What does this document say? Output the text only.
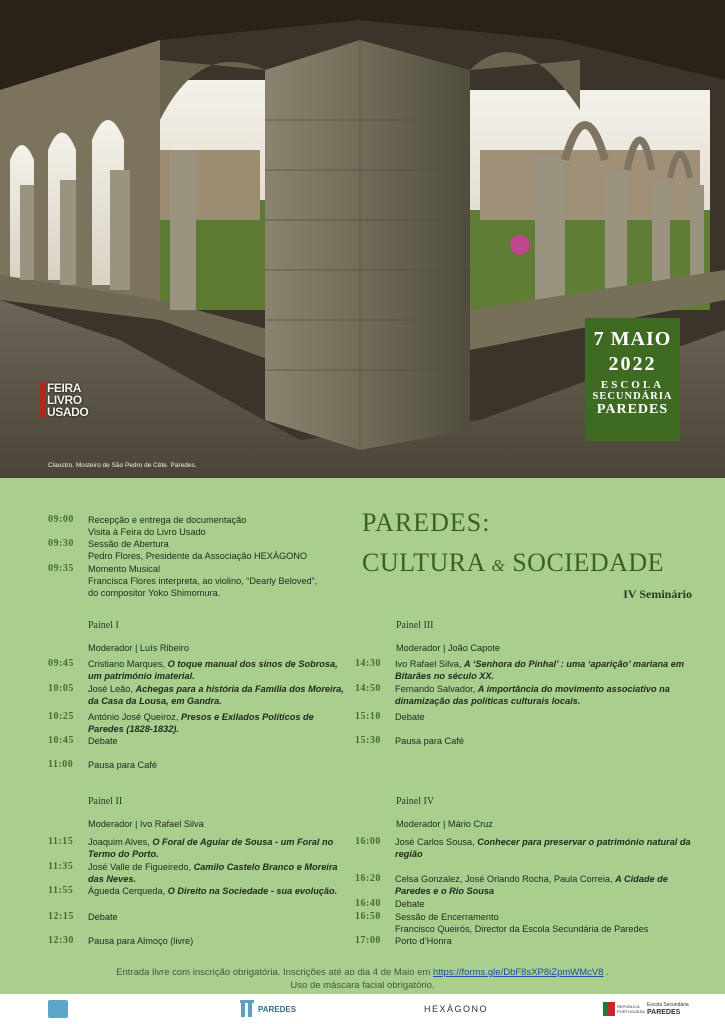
FEIRA
LIVRO
USADO
7 MAIO
2022
ESCOLA
SECUNDÁRIA
PAREDES
Claustro. Mosteiro de São Pedro de Cête. Paredes.
PAREDES:
CULTURA & SOCIEDADE
IV Seminário
09:00	Recepção e entrega de documentação
Visita à Feira do Livro Usado
09:30	Sessão de Abertura
Pedro Flores, Presidente da Associação HEXÁGONO
09:35	Momento Musical
Francisca Flores interpreta, ao violino, “Dearly Beloved”,
do compositor Yoko Shimomura.
Painel I
Moderador | Luís Ribeiro
09:45	Cristiano Marques, O toque manual dos sinos de Sobrosa, um património imaterial.
10:05	José Leão, Achegas para a história da Família dos Moreira, da Casa da Lousa, em Gandra.
10:25	António José Queiroz, Presos e Exilados Políticos de Paredes (1828-1832).
10:45	Debate
11:00	Pausa para Café
Painel II
Moderador | Ivo Rafael Silva
11:15	Joaquim Alves, O Foral de Aguiar de Sousa - um Foral no Termo do Porto.
11:35	José Valle de Figueiredo, Camilo Castelo Branco e Moreira das Neves.
11:55	Águeda Cerqueda, O Direito na Sociedade - sua evolução.
12:15	Debate
12:30	Pausa para Almoço (livre)
Painel III
Moderador | João Capote
14:30	Ivo Rafael Silva, A ‘Senhora do Pinhal’ : uma ‘aparição’ mariana em Bitarães no século XX.
14:50	Fernando Salvador, A importância do movimento associativo na dinamização das políticas culturais locais.
15:10	Debate
15:30	Pausa para Café
Painel IV
Moderador | Mário Cruz
16:00	José Carlos Sousa, Conhecer para preservar o património natural da região
16:20	Celsa Gonzalez, José Orlando Rocha, Paula Correia, A Cidade de Paredes e o Rio Sousa
16:40	Debate
16:50	Sessão de Encerramento
Francisco Queirós, Director da Escola Secundária de Paredes
17:00	Porto d’Honra
Entrada livre com inscrição obrigatória. Inscrições até ao dia 4 de Maio em https://forms.gle/DbF8sXP8iZpmWMcV8 .
Uso de máscara facial obrigatório.
PAREDES	HEXÁGONO	REPÚBLICA PORTUGUESA
Escola Secundária
PAREDES
